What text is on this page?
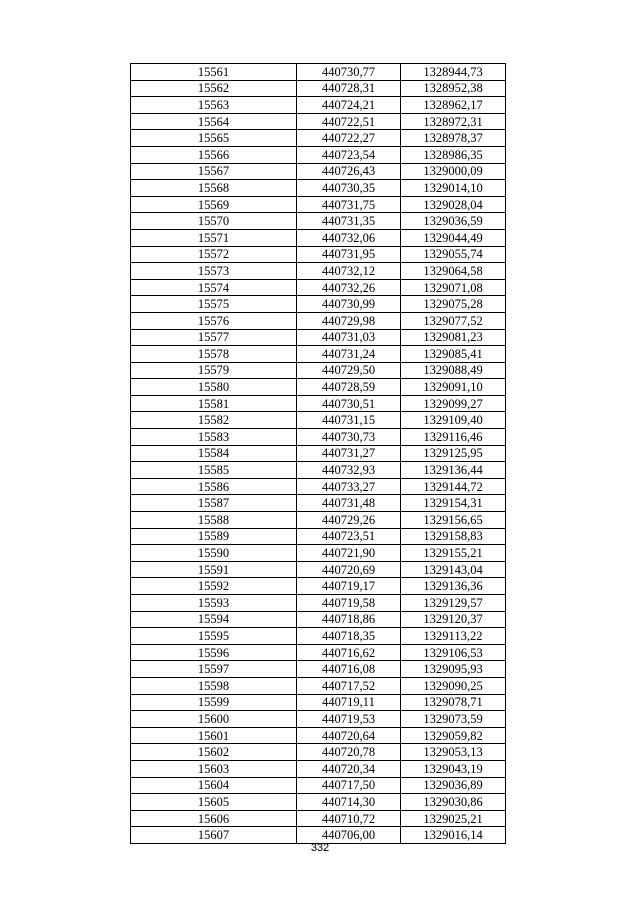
15561	440730,77	1328944,73
15562	440728,31	1328952,38
15563	440724,21	1328962,17
15564	440722,51	1328972,31
15565	440722,27	1328978,37
15566	440723,54	1328986,35
15567	440726,43	1329000,09
15568	440730,35	1329014,10
15569	440731,75	1329028,04
15570	440731,35	1329036,59
15571	440732,06	1329044,49
15572	440731,95	1329055,74
15573	440732,12	1329064,58
15574	440732,26	1329071,08
15575	440730,99	1329075,28
15576	440729,98	1329077,52
15577	440731,03	1329081,23
15578	440731,24	1329085,41
15579	440729,50	1329088,49
15580	440728,59	1329091,10
15581	440730,51	1329099,27
15582	440731,15	1329109,40
15583	440730,73	1329116,46
15584	440731,27	1329125,95
15585	440732,93	1329136,44
15586	440733,27	1329144,72
15587	440731,48	1329154,31
15588	440729,26	1329156,65
15589	440723,51	1329158,83
15590	440721,90	1329155,21
15591	440720,69	1329143,04
15592	440719,17	1329136,36
15593	440719,58	1329129,57
15594	440718,86	1329120,37
15595	440718,35	1329113,22
15596	440716,62	1329106,53
15597	440716,08	1329095,93
15598	440717,52	1329090,25
15599	440719,11	1329078,71
15600	440719,53	1329073,59
15601	440720,64	1329059,82
15602	440720,78	1329053,13
15603	440720,34	1329043,19
15604	440717,50	1329036,89
15605	440714,30	1329030,86
15606	440710,72	1329025,21
15607	440706,00	1329016,14
332
